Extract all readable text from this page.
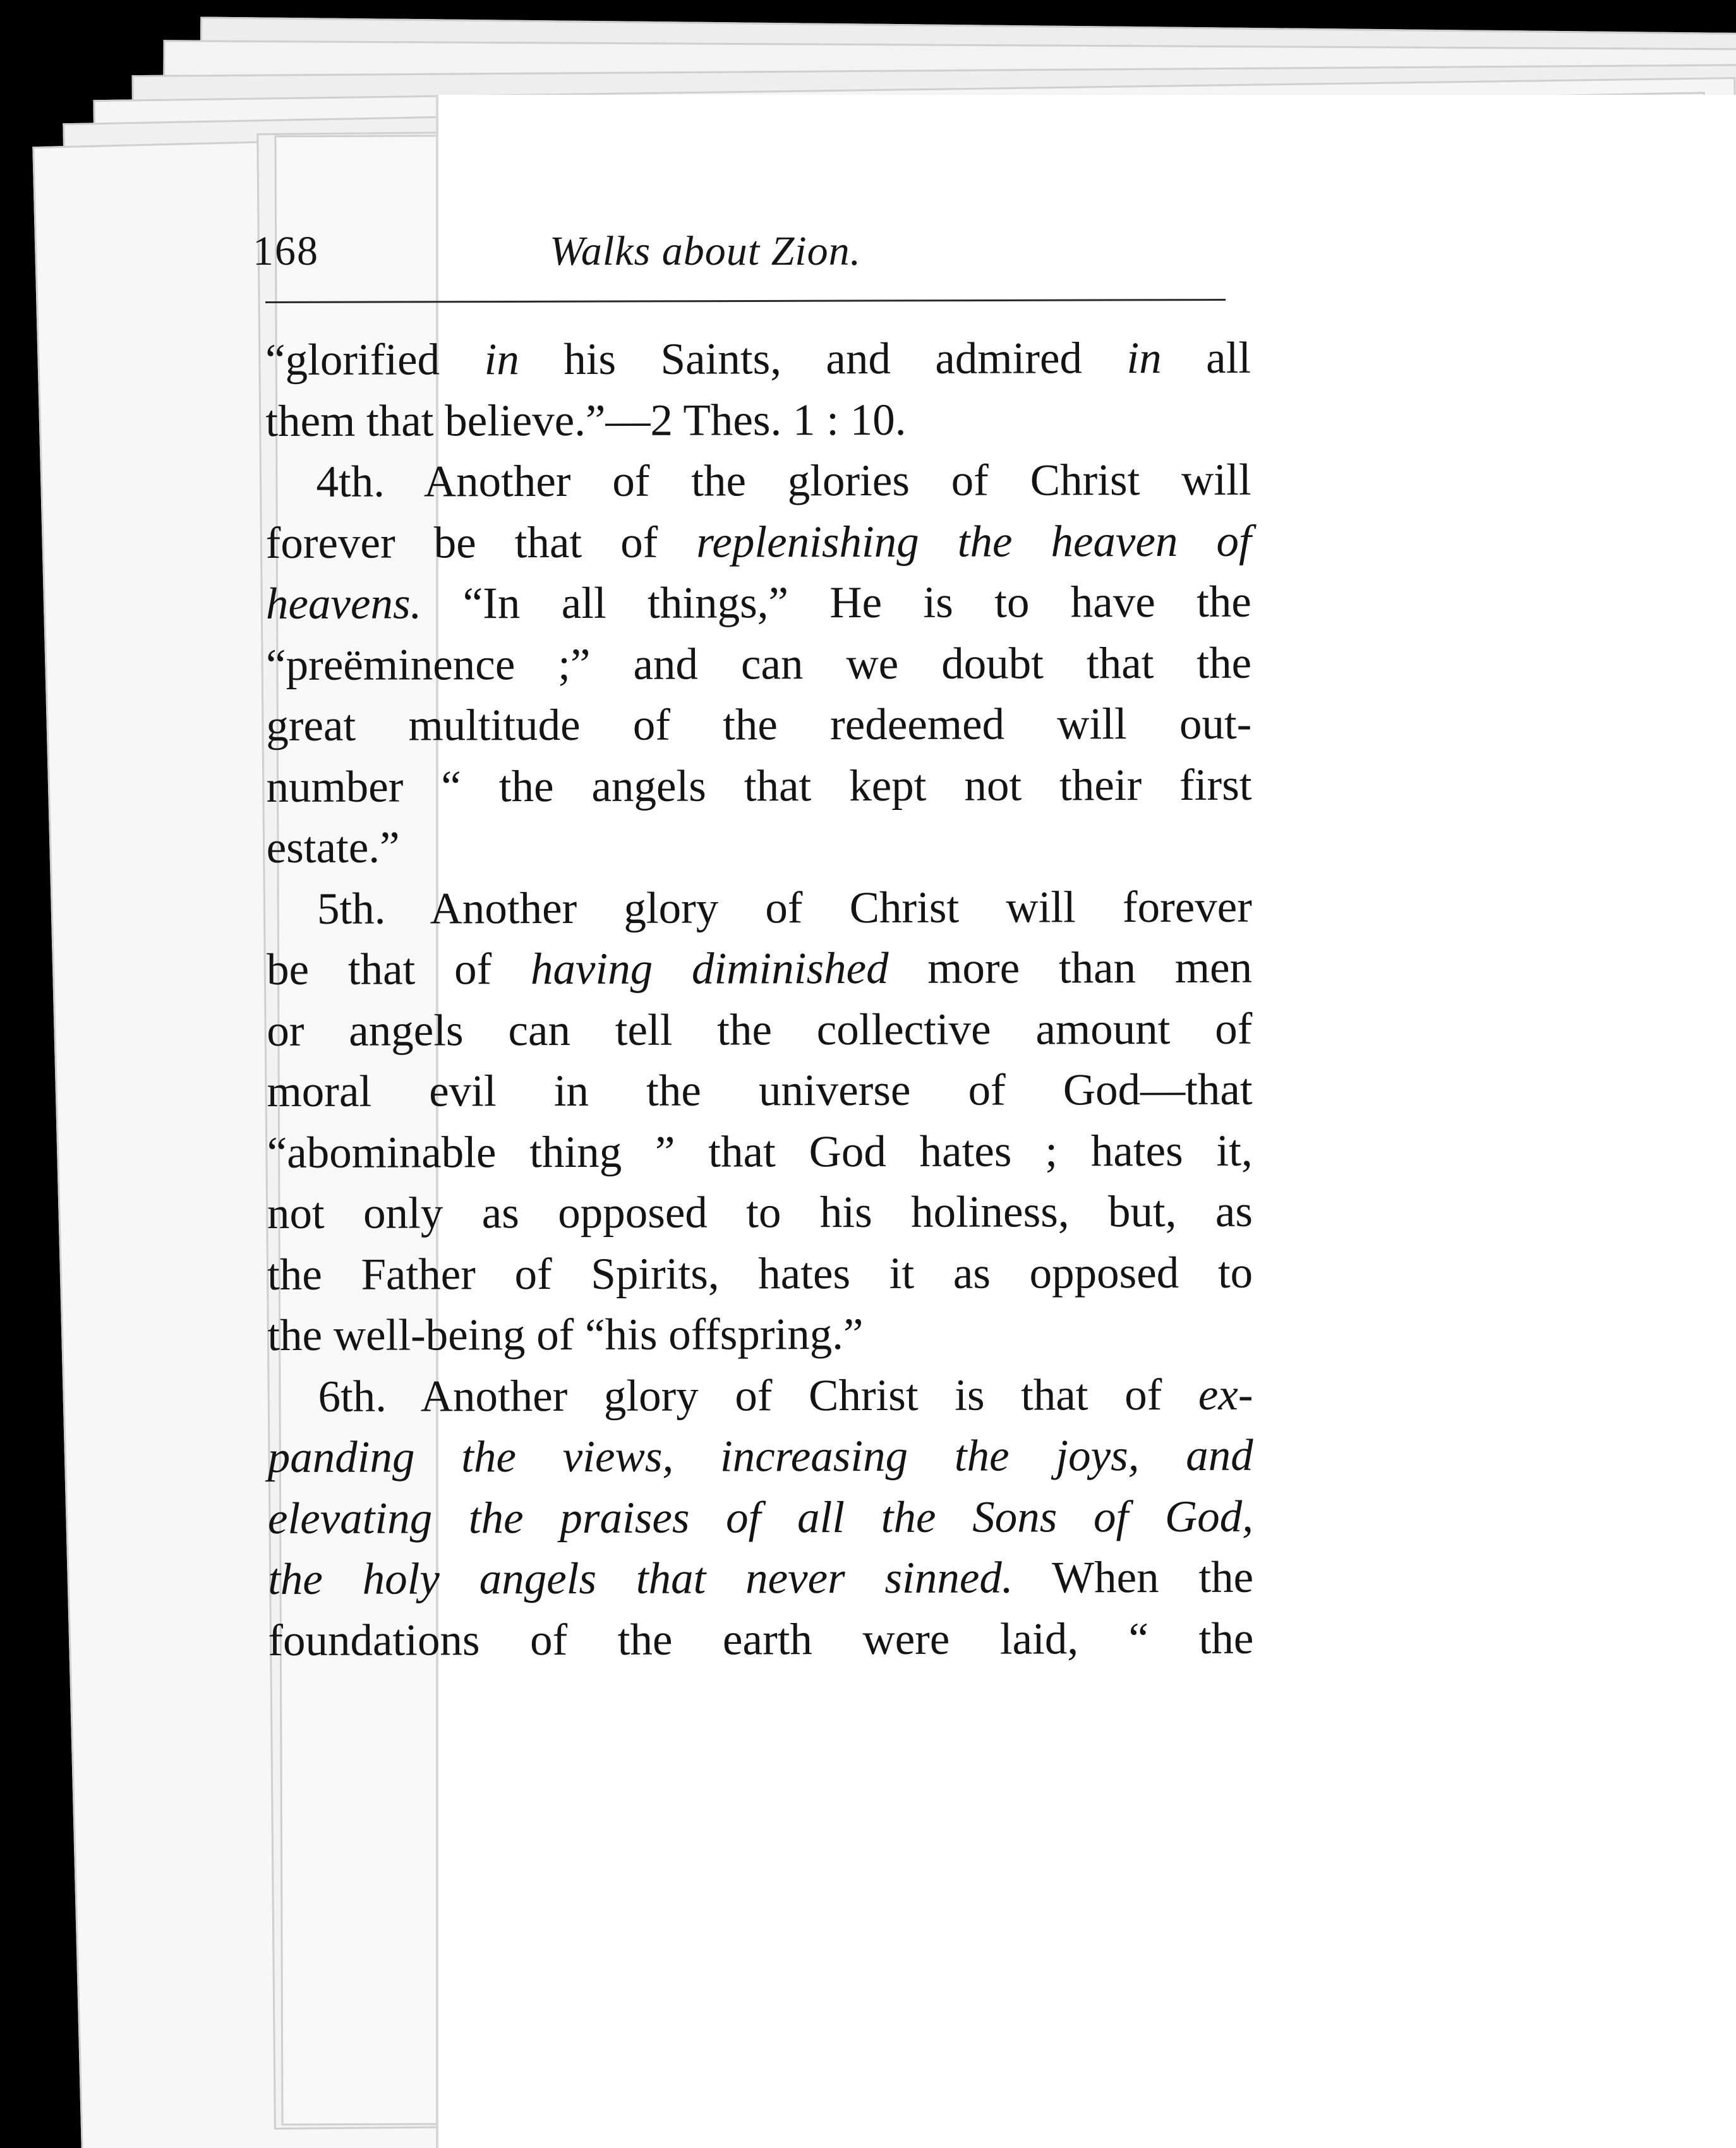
168	Walks about Zion.
“glorified in his Saints, and admired in all
them that believe.”—2 Thes. 1 : 10.
4th. Another of the glories of Christ will
forever be that of replenishing the heaven of
heavens. “In all things,” He is to have the
“preëminence ;” and can we doubt that the
great multitude of the redeemed will out-
number “ the angels that kept not their first
estate.”
5th. Another glory of Christ will forever
be that of having diminished more than men
or angels can tell the collective amount of
moral evil in the universe of God—that
“abominable thing ” that God hates ; hates it,
not only as opposed to his holiness, but, as
the Father of Spirits, hates it as opposed to
the well-being of “his offspring.”
6th. Another glory of Christ is that of ex-
panding the views, increasing the joys, and
elevating the praises of all the Sons of God,
the holy angels that never sinned. When the
foundations of the earth were laid, “ the
